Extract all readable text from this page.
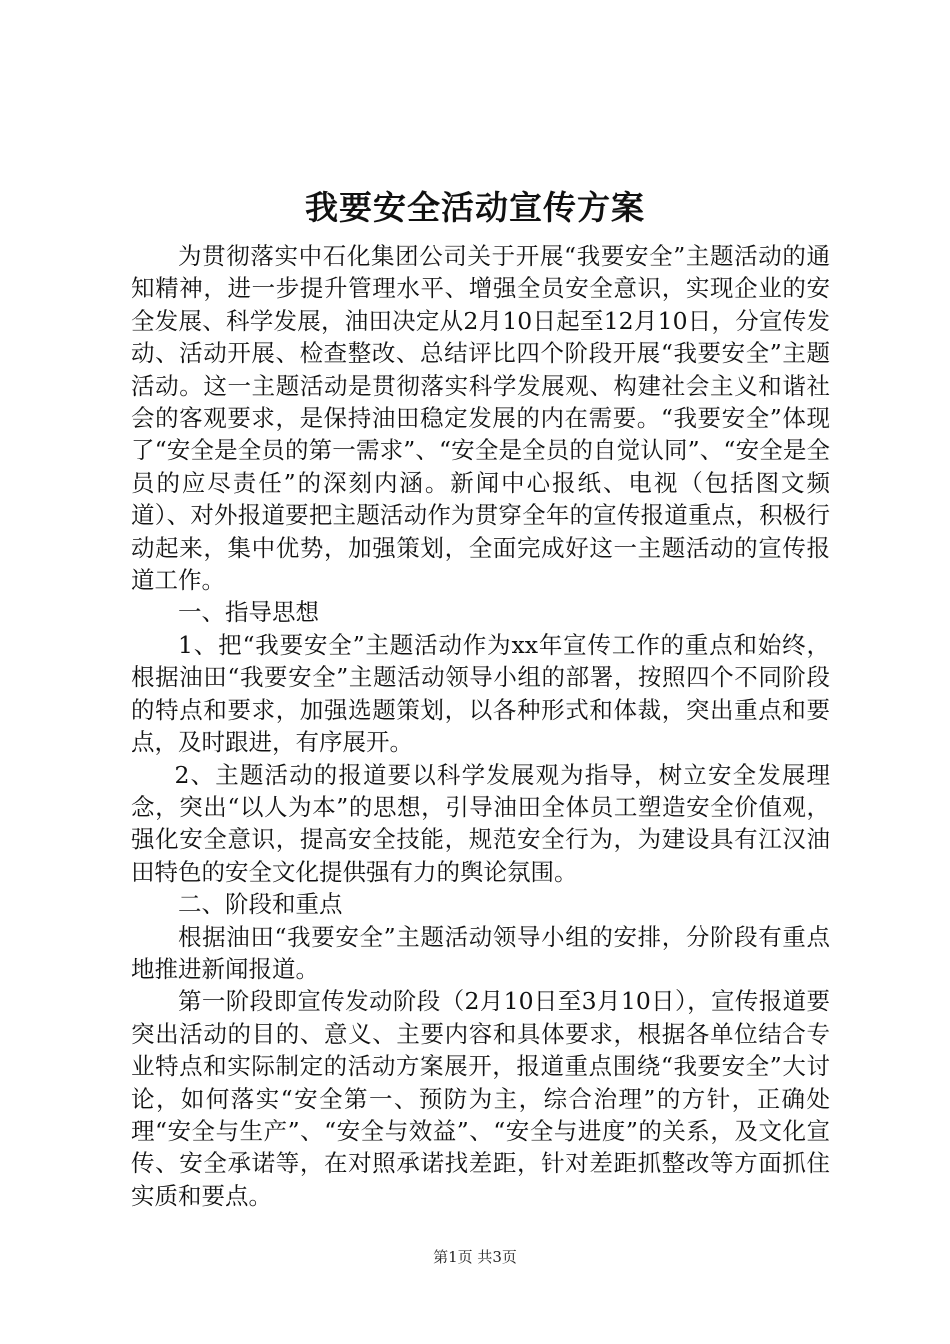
我要安全活动宣传方案

为贯彻落实中石化集团公司关于开展“我要安全”主题活动的通知精神，进一步提升管理水平、增强全员安全意识，实现企业的安全发展、科学发展，油田决定从2月10日起至12月10日，分宣传发动、活动开展、检查整改、总结评比四个阶段开展“我要安全”主题活动。这一主题活动是贯彻落实科学发展观、构建社会主义和谐社会的客观要求，是保持油田稳定发展的内在需要。“我要安全”体现了“安全是全员的第一需求”、“安全是全员的自觉认同”、“安全是全员的应尽责任”的深刻内涵。新闻中心报纸、电视（包括图文频道）、对外报道要把主题活动作为贯穿全年的宣传报道重点，积极行动起来，集中优势，加强策划，全面完成好这一主题活动的宣传报道工作。

一、指导思想

1、把“我要安全”主题活动作为xx年宣传工作的重点和始终，根据油田“我要安全”主题活动领导小组的部署，按照四个不同阶段的特点和要求，加强选题策划，以各种形式和体裁，突出重点和要点，及时跟进，有序展开。

2、主题活动的报道要以科学发展观为指导，树立安全发展理念，突出“以人为本”的思想，引导油田全体员工塑造安全价值观，强化安全意识，提高安全技能，规范安全行为，为建设具有江汉油田特色的安全文化提供强有力的舆论氛围。

二、阶段和重点

根据油田“我要安全”主题活动领导小组的安排，分阶段有重点地推进新闻报道。

第一阶段即宣传发动阶段（2月10日至3月10日），宣传报道要突出活动的目的、意义、主要内容和具体要求，根据各单位结合专业特点和实际制定的活动方案展开，报道重点围绕“我要安全”大讨论，如何落实“安全第一、预防为主，综合治理”的方针，正确处理“安全与生产”、“安全与效益”、“安全与进度”的关系，及文化宣传、安全承诺等，在对照承诺找差距，针对差距抓整改等方面抓住实质和要点。

第1页 共3页
